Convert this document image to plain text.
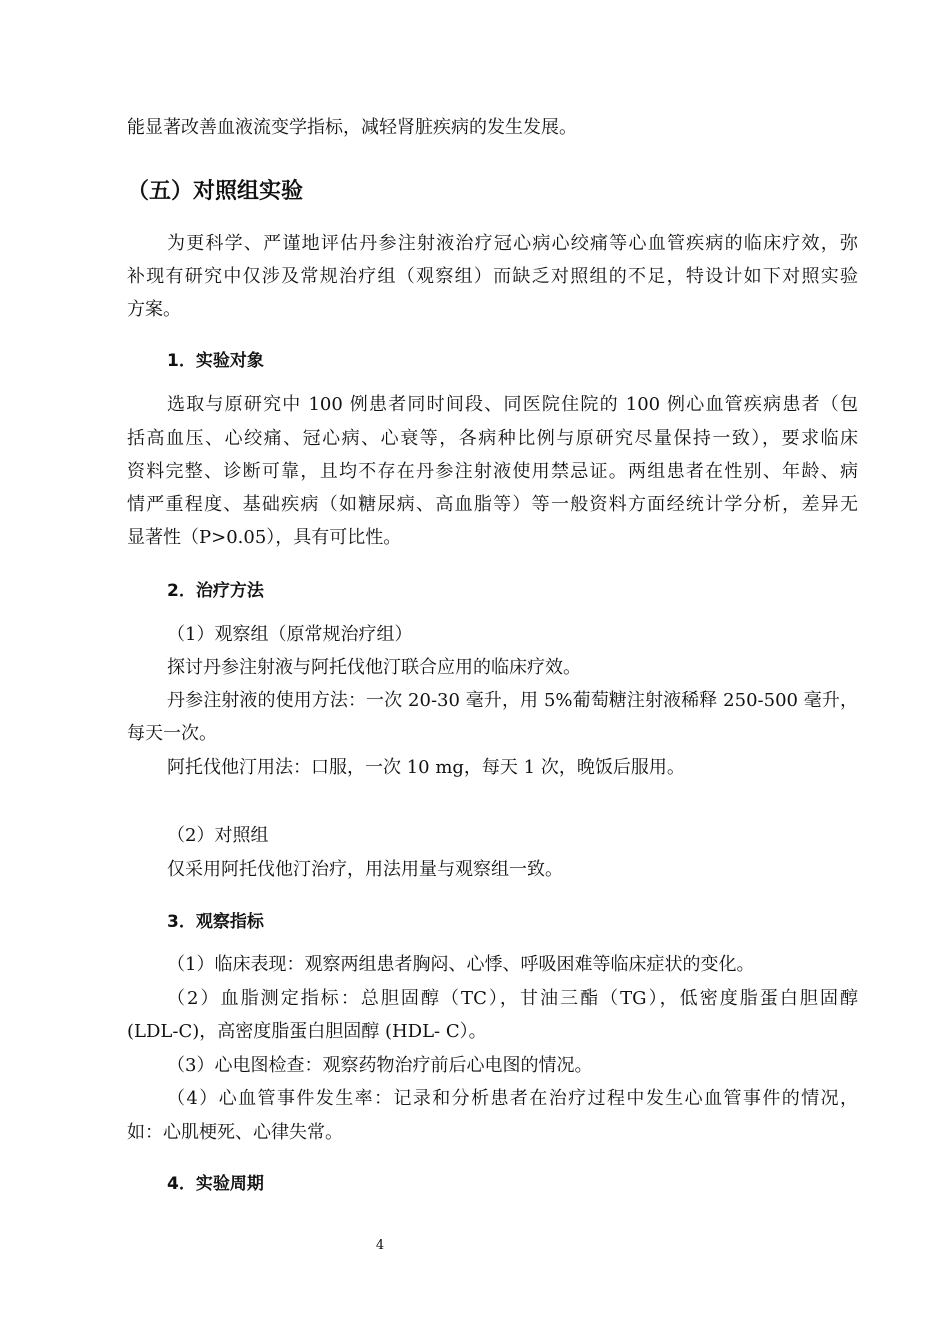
能显著改善血液流变学指标，减轻肾脏疾病的发生发展。
（五）对照组实验
为更科学、严谨地评估丹参注射液治疗冠心病心绞痛等心血管疾病的临床疗效，弥
补现有研究中仅涉及常规治疗组（观察组）而缺乏对照组的不足，特设计如下对照实验
方案。
1．实验对象
选取与原研究中 100 例患者同时间段、同医院住院的 100 例心血管疾病患者（包
括高血压、心绞痛、冠心病、心衰等，各病种比例与原研究尽量保持一致），要求临床
资料完整、诊断可靠，且均不存在丹参注射液使用禁忌证。两组患者在性别、年龄、病
情严重程度、基础疾病（如糖尿病、高血脂等）等一般资料方面经统计学分析，差异无
显著性（P>0.05），具有可比性。
2．治疗方法
（1）观察组（原常规治疗组）
探讨丹参注射液与阿托伐他汀联合应用的临床疗效。
丹参注射液的使用方法：一次 20-30 毫升，用 5%葡萄糖注射液稀释 250-500 毫升，
每天一次。
阿托伐他汀用法：口服，一次 10 mg，每天 1 次，晚饭后服用。
（2）对照组
仅采用阿托伐他汀治疗，用法用量与观察组一致。
3．观察指标
（1）临床表现：观察两组患者胸闷、心悸、呼吸困难等临床症状的变化。
（2）血脂测定指标：总胆固醇（TC），甘油三酯（TG），低密度脂蛋白胆固醇
(LDL-C)，高密度脂蛋白胆固醇 (HDL- C）。
（3）心电图检查：观察药物治疗前后心电图的情况。
（4）心血管事件发生率：记录和分析患者在治疗过程中发生心血管事件的情况，
如：心肌梗死、心律失常。
4．实验周期
4
